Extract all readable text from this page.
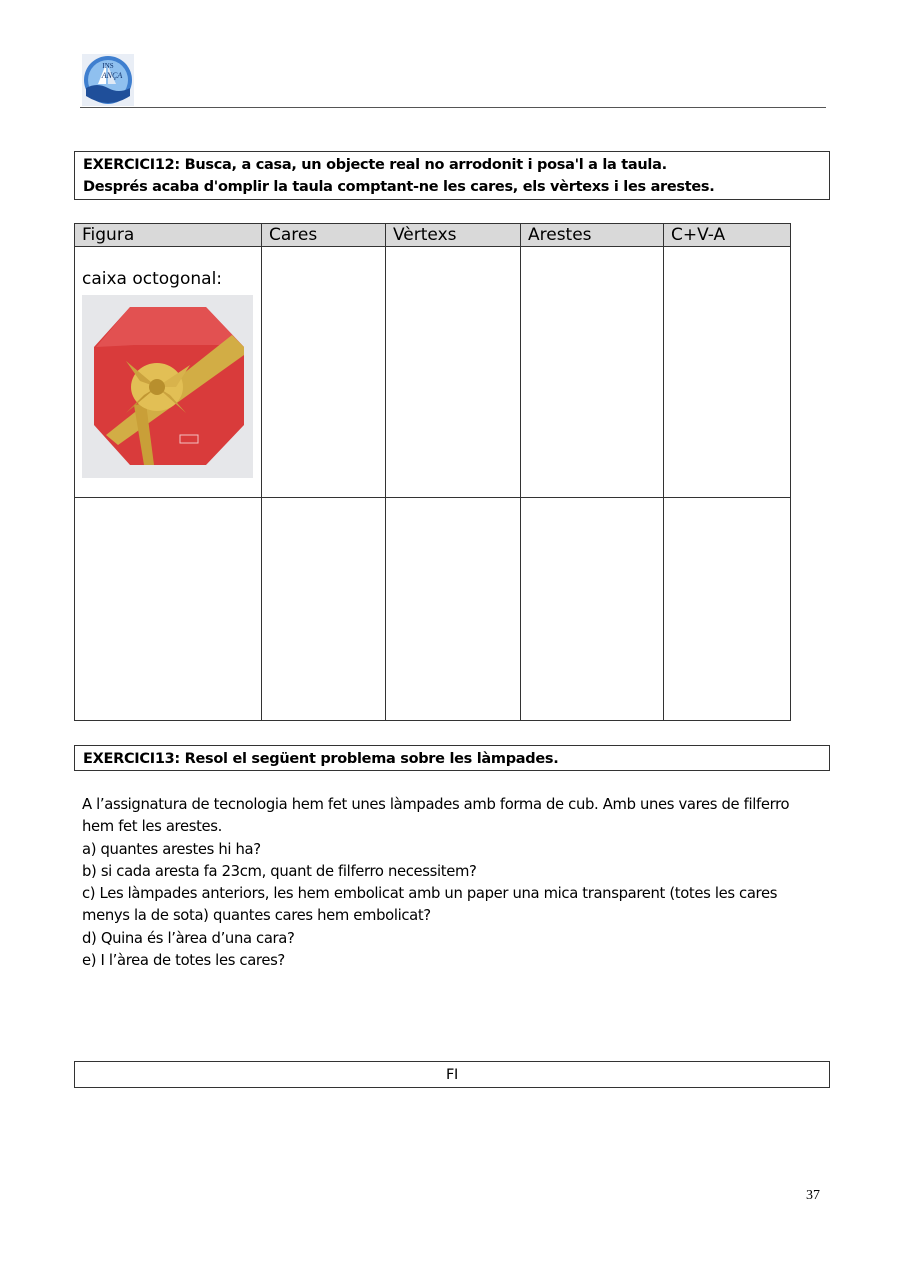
INS
ANÇA
EXERCICI12: Busca, a casa, un objecte real no arrodonit i posa'l a la taula.
Després acaba d'omplir la taula comptant-ne les cares, els vèrtexs i les arestes.
Figura	Cares	Vèrtexs	Arestes	C+V-A

caixa octogonal:				

EXERCICI13: Resol el següent problema sobre les làmpades.

A l’assignatura de tecnologia hem fet unes làmpades amb forma de cub. Amb unes vares de filferro hem fet les arestes.

a) quantes arestes hi ha?

b) si cada aresta fa 23cm, quant de filferro necessitem?

c) Les làmpades anteriors, les hem embolicat amb un paper una mica transparent (totes les cares menys la de sota) quantes cares hem embolicat?

d) Quina és l’àrea d’una cara?

e) I l’àrea de totes les cares?

FI
37
